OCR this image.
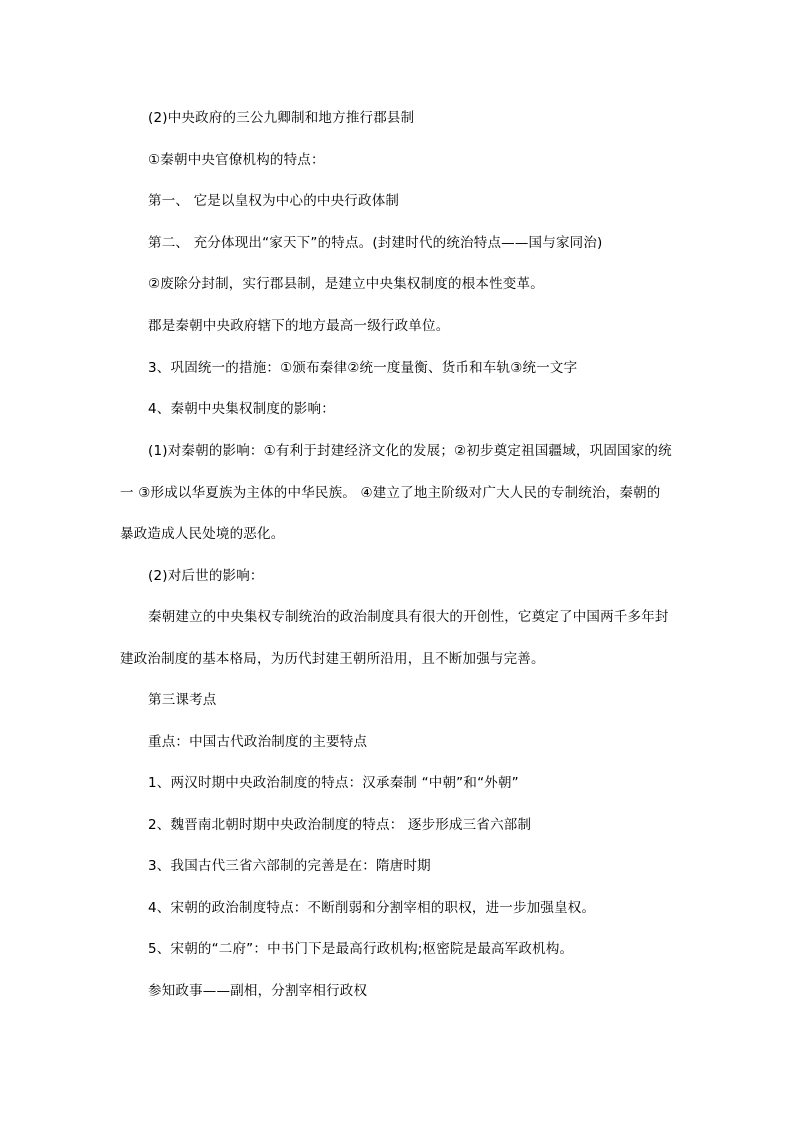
(2)中央政府的三公九卿制和地方推行郡县制
①秦朝中央官僚机构的特点：
第一、 它是以皇权为中心的中央行政体制
第二、 充分体现出“家天下”的特点。(封建时代的统治特点——国与家同治)
②废除分封制，实行郡县制，是建立中央集权制度的根本性变革。
郡是秦朝中央政府辖下的地方最高一级行政单位。
3、巩固统一的措施：①颁布秦律②统一度量衡、货币和车轨③统一文字
4、秦朝中央集权制度的影响：
(1)对秦朝的影响：①有利于封建经济文化的发展；②初步奠定祖国疆域，巩固国家的统
一 ③形成以华夏族为主体的中华民族。 ④建立了地主阶级对广大人民的专制统治，秦朝的
暴政造成人民处境的恶化。
(2)对后世的影响：
秦朝建立的中央集权专制统治的政治制度具有很大的开创性，它奠定了中国两千多年封
建政治制度的基本格局，为历代封建王朝所沿用，且不断加强与完善。
第三课考点
重点：中国古代政治制度的主要特点
1、两汉时期中央政治制度的特点：汉承秦制 “中朝”和“外朝”
2、魏晋南北朝时期中央政治制度的特点： 逐步形成三省六部制
3、我国古代三省六部制的完善是在：隋唐时期
4、宋朝的政治制度特点：不断削弱和分割宰相的职权，进一步加强皇权。
5、宋朝的“二府”：中书门下是最高行政机构;枢密院是最高军政机构。
参知政事——副相，分割宰相行政权
